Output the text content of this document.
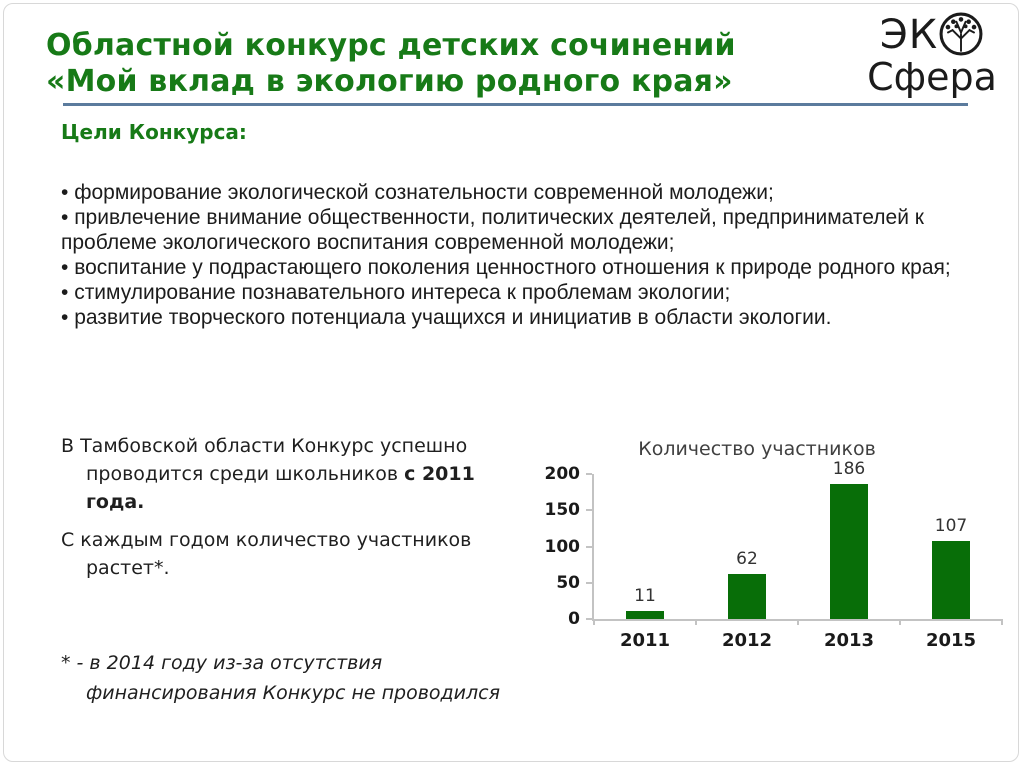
Областной конкурс детских сочинений
«Мой вклад в экологию родного края»
ЭК
Сфера
Цели Конкурса:

• формирование экологической сознательности современной молодежи;

• привлечение внимание общественности, политических деятелей, предпринимателей к проблеме экологического воспитания современной молодежи;

• воспитание у подрастающего поколения ценностного отношения к природе родного края;

• стимулирование познавательного интереса к проблемам экологии;

• развитие творческого потенциала учащихся и инициатив в области экологии.

В Тамбовской области Конкурс успешно проводится среди школьников с 2011 года.

С каждым годом количество участников растет*.

* - в 2014 году из-за отсутствия финансирования Конкурс не проводился

Количество участников
0
50
100
150
200
11
62
186
107
2011	2012	2013	2015
